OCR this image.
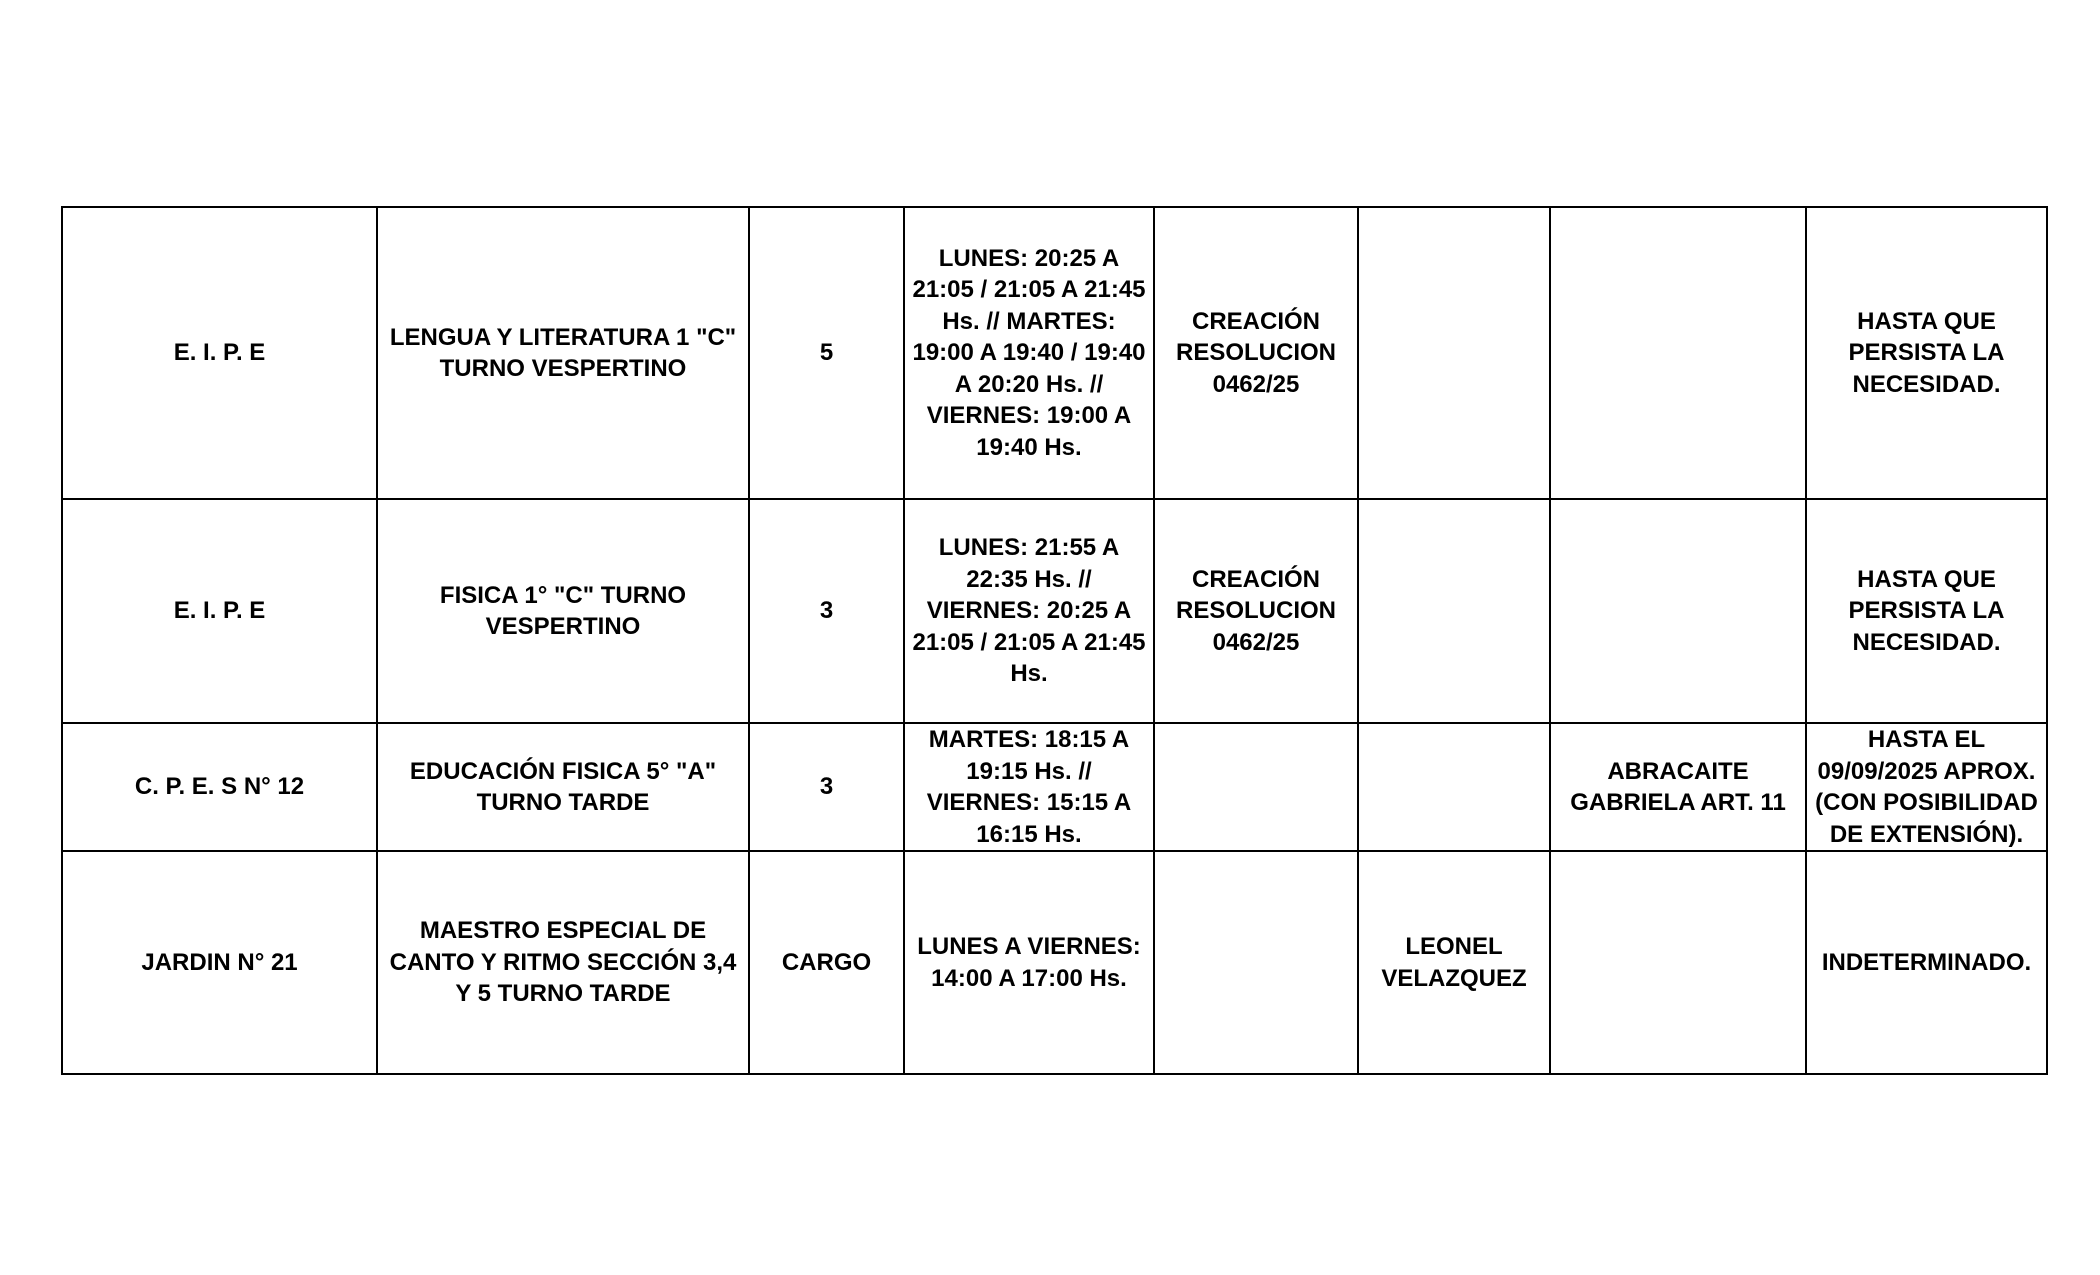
E. I. P. E	LENGUA Y LITERATURA 1 "C" TURNO VESPERTINO	5	LUNES: 20:25 A 21:05 / 21:05 A 21:45 Hs. // MARTES: 19:00 A 19:40 / 19:40 A 20:20 Hs. // VIERNES: 19:00 A 19:40 Hs.	CREACIÓN RESOLUCION 0462/25			HASTA QUE PERSISTA LA NECESIDAD.
E. I. P. E	FISICA 1° "C" TURNO VESPERTINO	3	LUNES: 21:55 A 22:35 Hs. // VIERNES: 20:25 A 21:05 / 21:05 A 21:45 Hs.	CREACIÓN RESOLUCION 0462/25			HASTA QUE PERSISTA LA NECESIDAD.
C. P. E. S N° 12	EDUCACIÓN FISICA 5° "A" TURNO TARDE	3	MARTES: 18:15 A 19:15 Hs. // VIERNES: 15:15 A 16:15 Hs.			ABRACAITE GABRIELA ART. 11	HASTA EL 09/09/2025 APROX. (CON POSIBILIDAD DE EXTENSIÓN).
JARDIN N° 21	MAESTRO ESPECIAL DE CANTO Y RITMO SECCIÓN 3,4 Y 5 TURNO TARDE	CARGO	LUNES A VIERNES: 14:00 A 17:00 Hs.		LEONEL VELAZQUEZ		INDETERMINADO.
